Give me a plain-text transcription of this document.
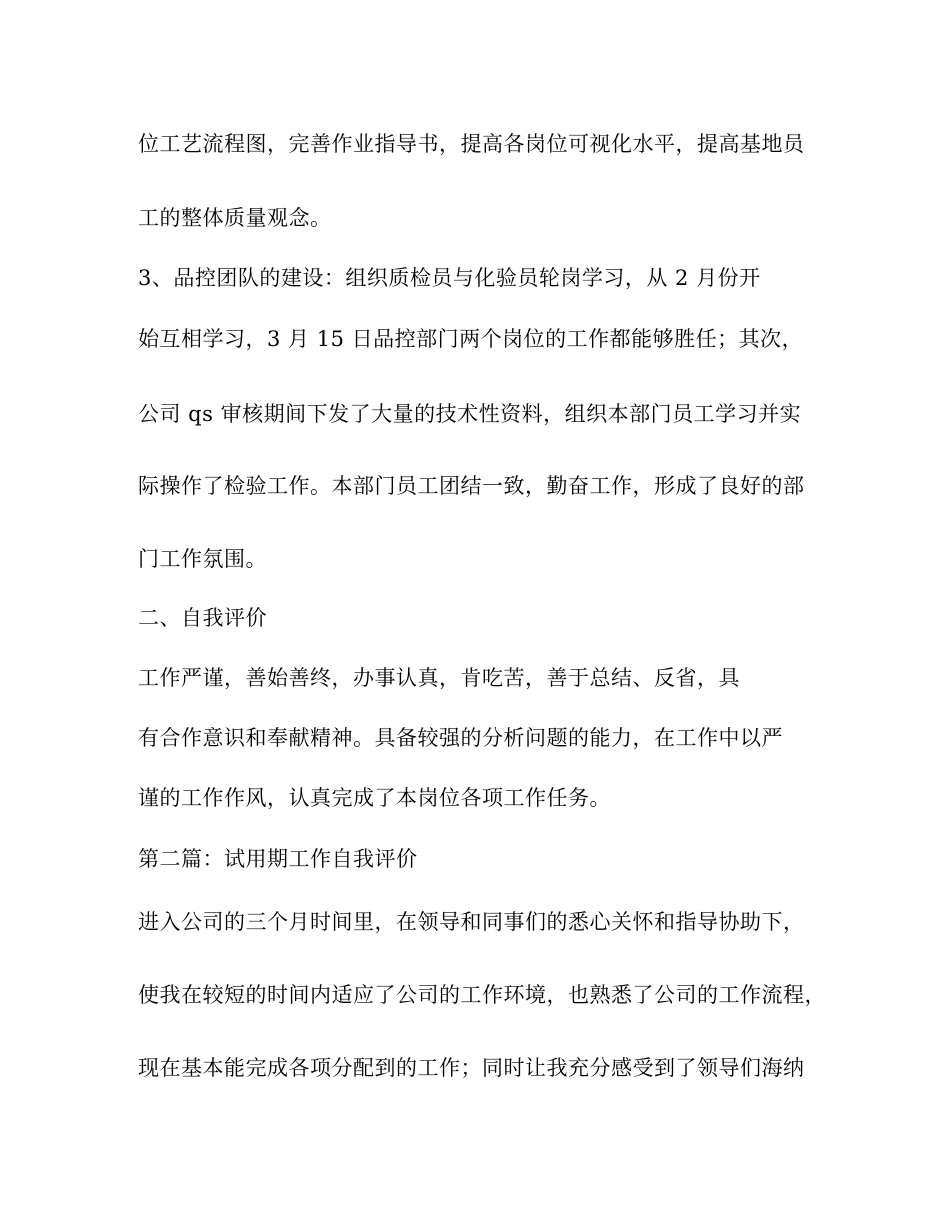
位工艺流程图，完善作业指导书，提高各岗位可视化水平，提高基地员
工的整体质量观念。
3、品控团队的建设：组织质检员与化验员轮岗学习，从 2 月份开
始互相学习，3 月 15 日品控部门两个岗位的工作都能够胜任；其次，
公司 qs 审核期间下发了大量的技术性资料，组织本部门员工学习并实
际操作了检验工作。本部门员工团结一致，勤奋工作，形成了良好的部
门工作氛围。
二、自我评价
工作严谨，善始善终，办事认真，肯吃苦，善于总结、反省，具
有合作意识和奉献精神。具备较强的分析问题的能力，在工作中以严
谨的工作作风，认真完成了本岗位各项工作任务。
第二篇：试用期工作自我评价
进入公司的三个月时间里，在领导和同事们的悉心关怀和指导协助下，
使我在较短的时间内适应了公司的工作环境，也熟悉了公司的工作流程，
现在基本能完成各项分配到的工作；同时让我充分感受到了领导们海纳
